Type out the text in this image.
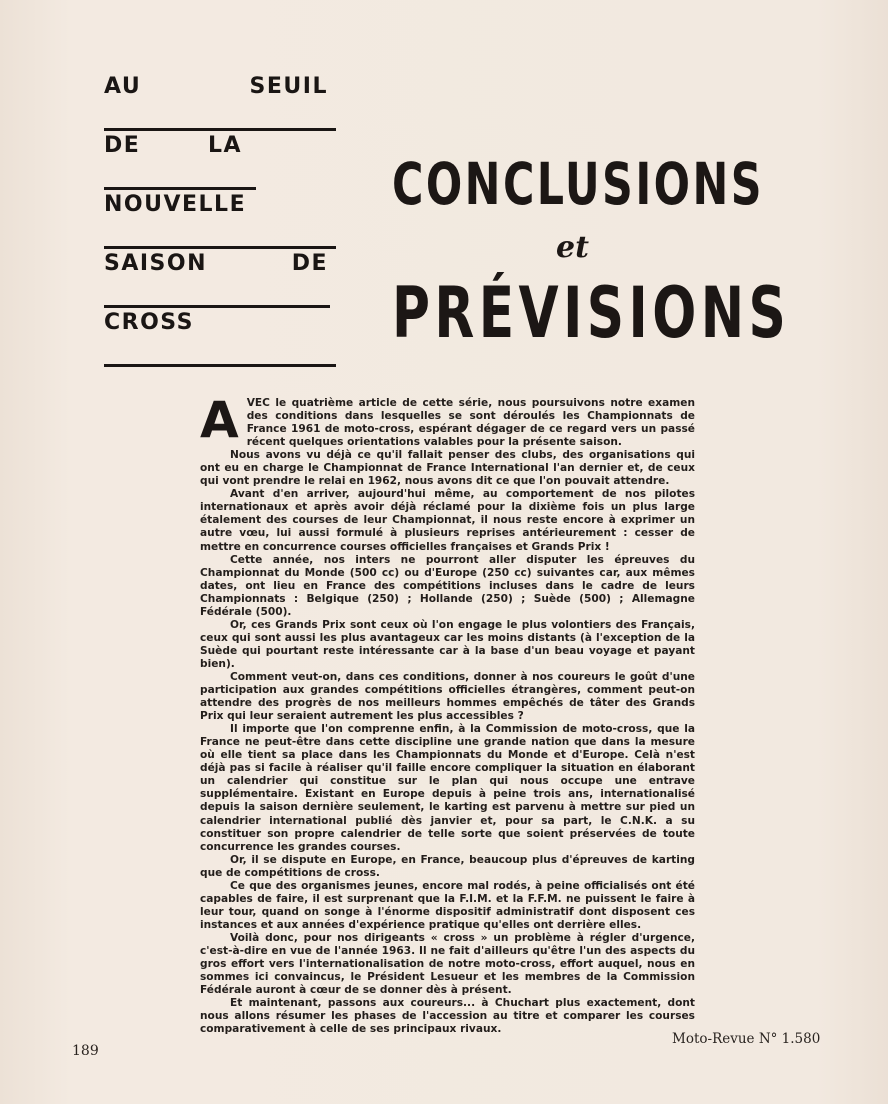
AU	SEUIL
DE	LA
NOUVELLE
SAISON	DE
CROSS
CONCLUSIONS
et
PRÉVISIONS

AVEC le quatrième article de cette série, nous poursuivons notre examen des conditions dans lesquelles se sont déroulés les Championnats de France 1961 de moto-cross, espérant dégager de ce regard vers un passé récent quelques orientations valables pour la présente saison.

Nous avons vu déjà ce qu'il fallait penser des clubs, des organisations qui ont eu en charge le Championnat de France International l'an dernier et, de ceux qui vont prendre le relai en 1962, nous avons dit ce que l'on pouvait attendre.

Avant d'en arriver, aujourd'hui même, au comportement de nos pilotes internationaux et après avoir déjà réclamé pour la dixième fois un plus large étalement des courses de leur Championnat, il nous reste encore à exprimer un autre vœu, lui aussi formulé à plusieurs reprises antérieurement : cesser de mettre en concurrence courses officielles françaises et Grands Prix !

Cette année, nos inters ne pourront aller disputer les épreuves du Championnat du Monde (500 cc) ou d'Europe (250 cc) suivantes car, aux mêmes dates, ont lieu en France des compétitions incluses dans le cadre de leurs Championnats : Belgique (250) ; Hollande (250) ; Suède (500) ; Allemagne Fédérale (500).

Or, ces Grands Prix sont ceux où l'on engage le plus volontiers des Français, ceux qui sont aussi les plus avantageux car les moins distants (à l'exception de la Suède qui pourtant reste intéressante car à la base d'un beau voyage et payant bien).

Comment veut-on, dans ces conditions, donner à nos coureurs le goût d'une participation aux grandes compétitions officielles étrangères, comment peut-on attendre des progrès de nos meilleurs hommes empêchés de tâter des Grands Prix qui leur seraient autrement les plus accessibles ?

Il importe que l'on comprenne enfin, à la Commission de moto-cross, que la France ne peut-être dans cette discipline une grande nation que dans la mesure où elle tient sa place dans les Championnats du Monde et d'Europe. Celà n'est déjà pas si facile à réaliser qu'il faille encore compliquer la situation en élaborant un calendrier qui constitue sur le plan qui nous occupe une entrave supplémentaire. Existant en Europe depuis à peine trois ans, internationalisé depuis la saison dernière seulement, le karting est parvenu à mettre sur pied un calendrier international publié dès janvier et, pour sa part, le C.N.K. a su constituer son propre calendrier de telle sorte que soient préservées de toute concurrence les grandes courses.

Or, il se dispute en Europe, en France, beaucoup plus d'épreuves de karting que de compétitions de cross.

Ce que des organismes jeunes, encore mal rodés, à peine officialisés ont été capables de faire, il est surprenant que la F.I.M. et la F.F.M. ne puissent le faire à leur tour, quand on songe à l'énorme dispositif administratif dont disposent ces instances et aux années d'expérience pratique qu'elles ont derrière elles.

Voilà donc, pour nos dirigeants « cross » un problème à régler d'urgence, c'est-à-dire en vue de l'année 1963. Il ne fait d'ailleurs qu'être l'un des aspects du gros effort vers l'internationalisation de notre moto-cross, effort auquel, nous en sommes ici convaincus, le Président Lesueur et les membres de la Commission Fédérale auront à cœur de se donner dès à présent.

Et maintenant, passons aux coureurs... à Chuchart plus exactement, dont nous allons résumer les phases de l'accession au titre et comparer les courses comparativement à celle de ses principaux rivaux.

189
Moto-Revue N° 1.580
